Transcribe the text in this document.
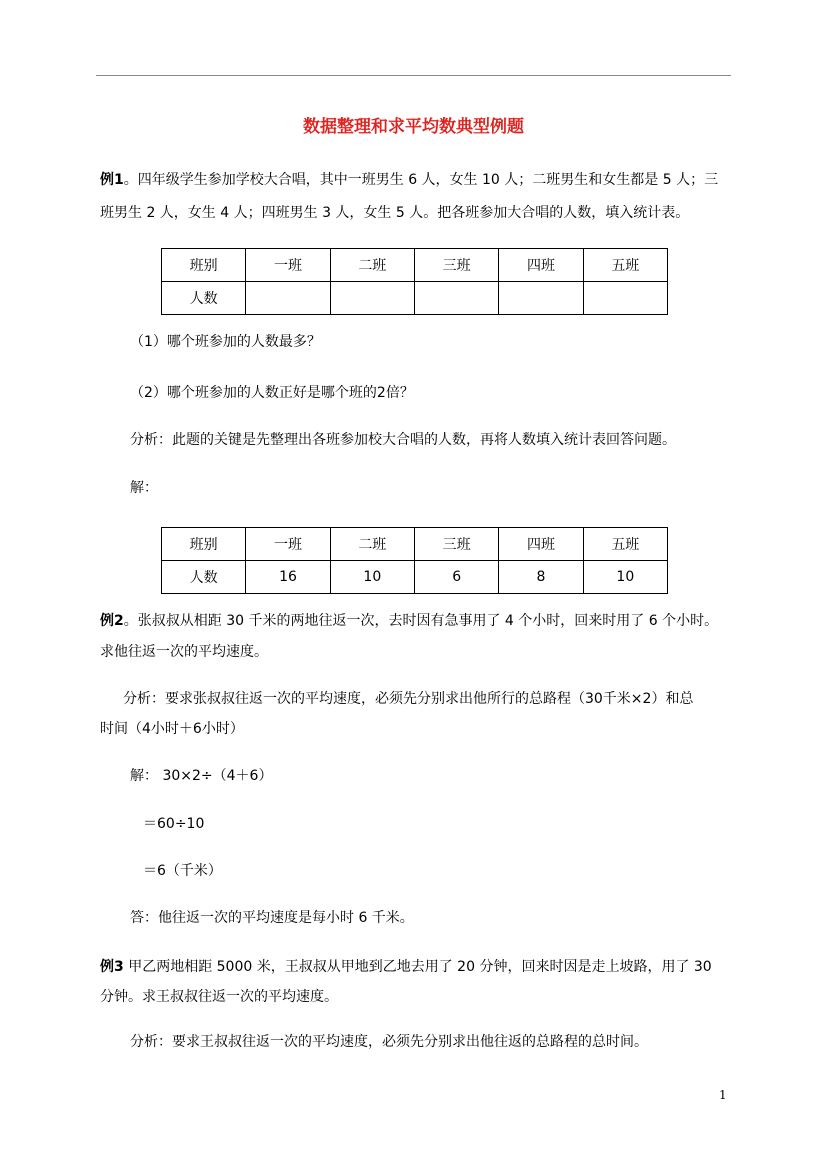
数据整理和求平均数典型例题
例1。四年级学生参加学校大合唱，其中一班男生 6 人，女生 10 人；二班男生和女生都是 5 人；三
班男生 2 人，女生 4 人；四班男生 3 人，女生 5 人。把各班参加大合唱的人数，填入统计表。
班别	一班	二班	三班	四班	五班
人数					
（1）哪个班参加的人数最多？
（2）哪个班参加的人数正好是哪个班的2倍？
分析：此题的关键是先整理出各班参加校大合唱的人数，再将人数填入统计表回答问题。
解：
班别	一班	二班	三班	四班	五班
人数	16	10	6	8	10
例2。张叔叔从相距 30 千米的两地往返一次，去时因有急事用了 4 个小时，回来时用了 6 个小时。
求他往返一次的平均速度。
分析：要求张叔叔往返一次的平均速度，必须先分别求出他所行的总路程（30千米×2）和总
时间（4小时＋6小时）
解： 30×2÷（4＋6）
＝60÷10
＝6（千米）
答：他往返一次的平均速度是每小时 6 千米。
例3 甲乙两地相距 5000 米，王叔叔从甲地到乙地去用了 20 分钟，回来时因是走上坡路，用了 30
分钟。求王叔叔往返一次的平均速度。
分析：要求王叔叔往返一次的平均速度，必须先分别求出他往返的总路程的总时间。
1
